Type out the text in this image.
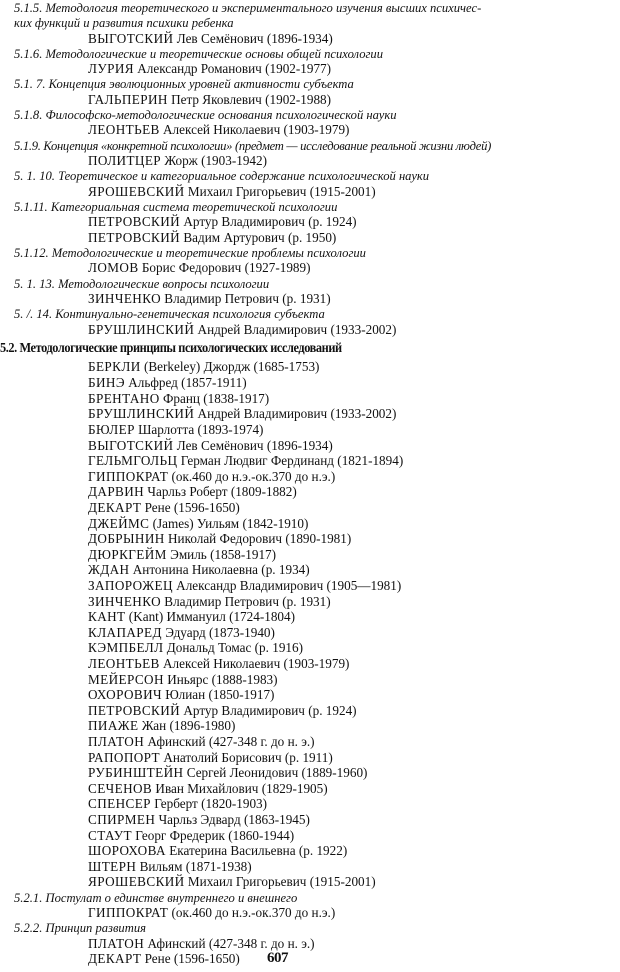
5.1.5. Методология теоретического и экспериментального изучения высших психичес-
ких функций и развития психики ребенка
ВЫГОТСКИЙ Лев Семёнович (1896-1934)
5.1.6. Методологические и теоретические основы общей психологии
ЛУРИЯ Александр Романович (1902-1977)
5.1. 7. Концепция эволюционных уровней активности субъекта
ГАЛЬПЕРИН Петр Яковлевич (1902-1988)
5.1.8. Философско-методологические основания психологической науки
ЛЕОНТЬЕВ Алексей Николаевич (1903-1979)
5.1.9. Концепция «конкретной психологии» (предмет — исследование реальной жизни людей)
ПОЛИТЦЕР Жорж (1903-1942)
5. 1. 10. Теоретическое и категориальное содержание психологической науки
ЯРОШЕВСКИЙ Михаил Григорьевич (1915-2001)
5.1.11. Категориальная система теоретической психологии
ПЕТРОВСКИЙ Артур Владимирович (р. 1924)
ПЕТРОВСКИЙ Вадим Артурович (р. 1950)
5.1.12. Методологические и теоретические проблемы психологии
ЛОМОВ Борис Федорович (1927-1989)
5. 1. 13. Методологические вопросы психологии
ЗИНЧЕНКО Владимир Петрович (р. 1931)
5. /. 14. Континуально-генетическая психология субъекта
БРУШЛИНСКИЙ Андрей Владимирович (1933-2002)
5.2. Методологические принципы психологических исследований
БЕРКЛИ (Berkeley) Джордж (1685-1753)
БИНЭ Альфред (1857-1911)
БРЕНТАНО Франц (1838-1917)
БРУШЛИНСКИЙ Андрей Владимирович (1933-2002)
БЮЛЕР Шарлотта (1893-1974)
ВЫГОТСКИЙ Лев Семёнович (1896-1934)
ГЕЛЬМГОЛЬЦ Герман Людвиг Фердинанд (1821-1894)
ГИППОКРАТ (ок.460 до н.э.-ок.370 до н.э.)
ДАРВИН Чарльз Роберт (1809-1882)
ДЕКАРТ Рене (1596-1650)
ДЖЕЙМС (James) Уильям (1842-1910)
ДОБРЫНИН Николай Федорович (1890-1981)
ДЮРКГЕЙМ Эмиль (1858-1917)
ЖДАН Антонина Николаевна (р. 1934)
ЗАПОРОЖЕЦ Александр Владимирович (1905—1981)
ЗИНЧЕНКО Владимир Петрович (р. 1931)
КАНТ (Kant) Иммануил (1724-1804)
КЛАПАРЕД Эдуард (1873-1940)
КЭМПБЕЛЛ Дональд Томас (р. 1916)
ЛЕОНТЬЕВ Алексей Николаевич (1903-1979)
МЕЙЕРСОН Иньярс (1888-1983)
ОХОРОВИЧ Юлиан (1850-1917)
ПЕТРОВСКИЙ Артур Владимирович (р. 1924)
ПИАЖЕ Жан (1896-1980)
ПЛАТОН Афинский (427-348 г. до н. э.)
РАПОПОРТ Анатолий Борисович (р. 1911)
РУБИНШТЕЙН Сергей Леонидович (1889-1960)
СЕЧЕНОВ Иван Михайлович (1829-1905)
СПЕНСЕР Герберт (1820-1903)
СПИРМЕН Чарльз Эдвард (1863-1945)
СТАУТ Георг Фредерик (1860-1944)
ШОРОХОВА Екатерина Васильевна (р. 1922)
ШТЕРН Вильям (1871-1938)
ЯРОШЕВСКИЙ Михаил Григорьевич (1915-2001)
5.2.1. Постулат о единстве внутреннего и внешнего
ГИППОКРАТ (ок.460 до н.э.-ок.370 до н.э.)
5.2.2. Принцип развития
ПЛАТОН Афинский (427-348 г. до н. э.)
ДЕКАРТ Рене (1596-1650) 607
